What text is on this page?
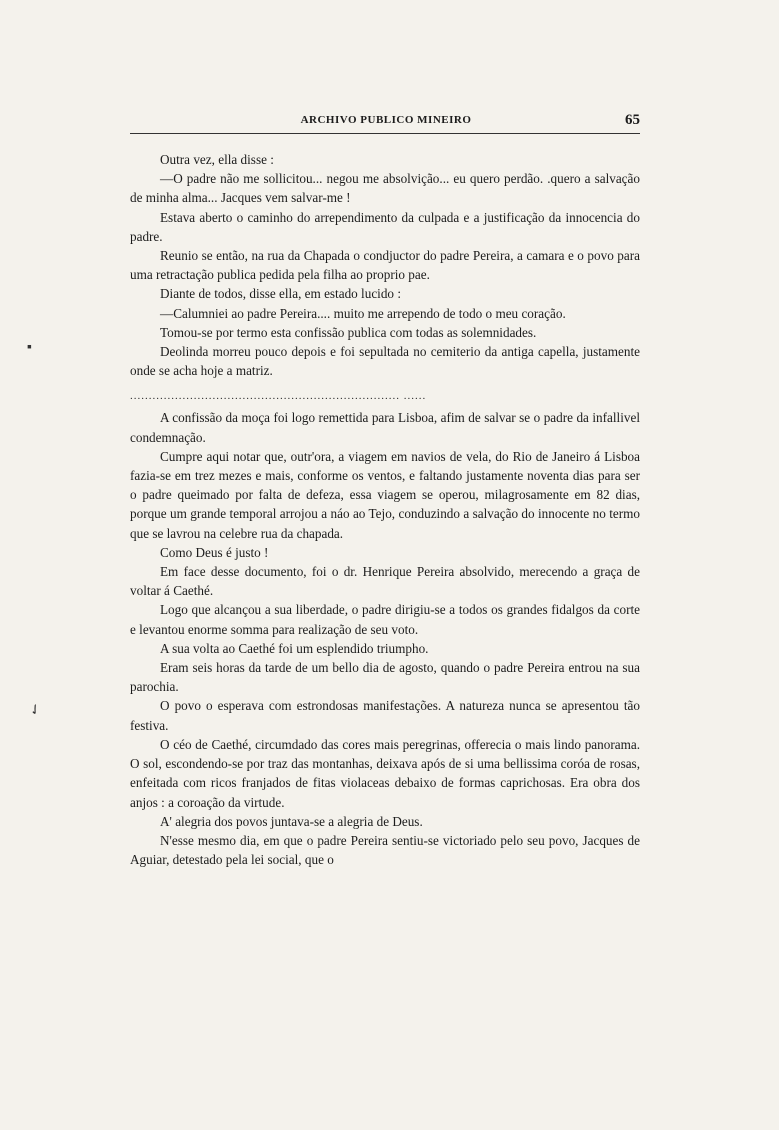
ARCHIVO PUBLICO MINEIRO	65
▪
✓

Outra vez, ella disse :

—O padre não me sollicitou... negou me absolvição... eu quero perdão. .quero a salvação de minha alma... Jacques vem salvar-me !

Estava aberto o caminho do arrependimento da culpada e a justificação da innocencia do padre.

Reunio se então, na rua da Chapada o condjuctor do padre Pereira, a camara e o povo para uma retractação publica pedida pela filha ao proprio pae.

Diante de todos, disse ella, em estado lucido :

—Calumniei ao padre Pereira.... muito me arrependo de todo o meu coração.

Tomou-se por termo esta confissão publica com todas as solemnidades.

Deolinda morreu pouco depois e foi sepultada no cemiterio da antiga capella, justamente onde se acha hoje a matriz.

........................................................................ ......

A confissão da moça foi logo remettida para Lisboa, afim de salvar se o padre da infallivel condemnação.

Cumpre aqui notar que, outr'ora, a viagem em navios de vela, do Rio de Janeiro á Lisboa fazia-se em trez mezes e mais, conforme os ventos, e faltando justamente noventa dias para ser o padre queimado por falta de defeza, essa viagem se operou, milagrosamente em 82 dias, porque um grande temporal arrojou a náo ao Tejo, conduzindo a salvação do innocente no termo que se lavrou na celebre rua da chapada.

Como Deus é justo !

Em face desse documento, foi o dr. Henrique Pereira absolvido, merecendo a graça de voltar á Caethé.

Logo que alcançou a sua liberdade, o padre dirigiu-se a todos os grandes fidalgos da corte e levantou enorme somma para realização de seu voto.

A sua volta ao Caethé foi um esplendido triumpho.

Eram seis horas da tarde de um bello dia de agosto, quando o padre Pereira entrou na sua parochia.

O povo o esperava com estrondosas manifestações. A natureza nunca se apresentou tão festiva.

O céo de Caethé, circumdado das cores mais peregrinas, offerecia o mais lindo panorama. O sol, escondendo-se por traz das montanhas, deixava após de si uma bellissima coróa de rosas, enfeitada com ricos franjados de fitas violaceas debaixo de formas caprichosas. Era obra dos anjos : a coroação da virtude.

A' alegria dos povos juntava-se a alegria de Deus.

N'esse mesmo dia, em que o padre Pereira sentiu-se victoriado pelo seu povo, Jacques de Aguiar, detestado pela lei social, que o
